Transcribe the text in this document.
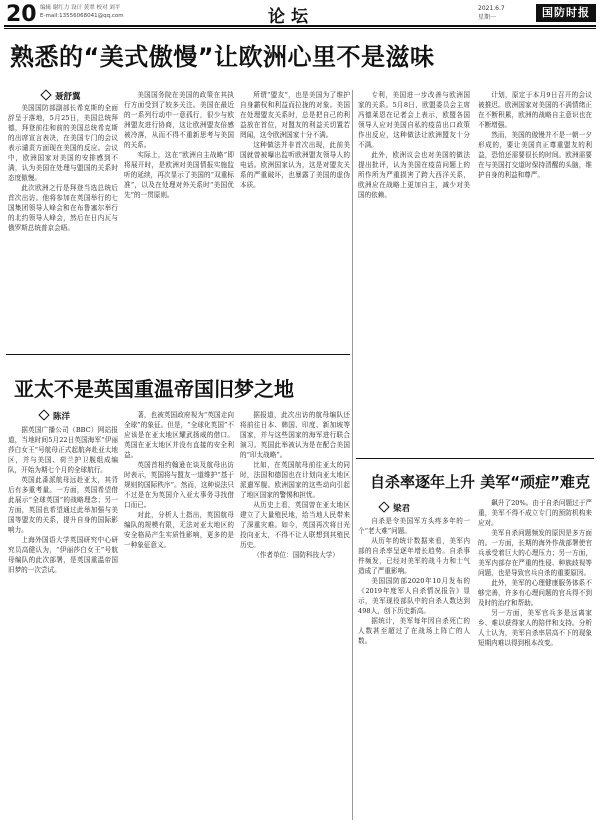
20 编辑 谢红力 设计 黄翠 校对 刘平
E-mail:13556068041@qq.com	论坛	2021.6.7
星期一	国防时报
熟悉的“美式傲慢”让欧洲心里不是滋味
聂舒翼

美国国防部副部长希克斯的全面辞呈于落地，5月25日，美国总统拜德，拜登前往和前的美国总统希克斯的出席宣言表决，在美国专门的会议表示谴责方面现在美国的反应。会议中，欧洲国家对美国的安排感到不满，认为美国在处理与盟国的关系时态度傲慢。

此次欧洲之行是拜登当选总统后首次出访。他将参加在英国举行的七国集团领导人峰会和在布鲁塞尔举行的北约领导人峰会，然后在日内瓦与俄罗斯总统普京会晤。

美国国务院在美国的政策在其执行方面受到了较多关注。美国在最近的一系列行动中一意孤行，很少与欧洲盟友进行协商，这让欧洲盟友倍感被冷落，从而不得不重新思考与美国的关系。

实际上，这在“欧洲自主战略”即将展开时，是欧洲对美国情报实施监听的延续，再次显示了美国的“双重标准”，以及在处理对外关系时“美国优先”的一贯原则。

所谓“盟友”，也是美国为了维护自身霸权和利益而拉拢的对象。美国在处理盟友关系时，总是把自己的利益放在首位，对盟友的利益关切置若罔闻，这令欧洲国家十分不满。

这种做法并非首次出现，此前美国就曾被曝出监听欧洲盟友领导人的电话。欧洲国家认为，这是对盟友关系的严重破坏，也暴露了美国的虚伪本质。

专利，美国进一步改善与欧洲国家的关系。5月8日，欧盟委员会主席冯德莱恩在记者会上表示，欧盟各国领导人应对美国自私的疫苗出口政策作出反应，这种做法让欧洲盟友十分不满。

此外，欧洲议会也对美国的做法提出批评，认为美国在疫苗问题上的所作所为严重损害了跨大西洋关系，欧洲应在战略上更加自主，减少对美国的依赖。

计划，原定于本月9日召开的会议被推迟。欧洲国家对美国的不满情绪正在不断积累，欧洲的战略自主意识也在不断增强。

然而，美国的傲慢并不是一朝一夕形成的，要让美国真正尊重盟友的利益，恐怕还需要很长的时间。欧洲需要在与美国打交道时保持清醒的头脑，维护自身的利益和尊严。

亚太不是英国重温帝国旧梦之地
陈洋

据英国广播公司（BBC）网站报道，当地时间5月22日英国海军“伊丽莎白女王”号航母正式起航奔赴亚太地区，并与美国、荷兰护卫舰组成编队，开始为期七个月的全球航行。

英国此番派航母远赴亚太，其背后有多重考量。一方面，英国希望借此展示“全球英国”的战略理念；另一方面，英国也希望通过此举加强与美国等盟友的关系，提升自身的国际影响力。

上海外国语大学英国研究中心研究员高健认为，“伊丽莎白女王”号航母编队的此次部署，是英国重温帝国旧梦的一次尝试。

著，也被英国政府视为“英国走向全球”的象征。但是，“全球化英国”不应该是在亚太地区耀武扬威的借口。英国在亚太地区并没有直接的安全利益。

英国首相约翰逊在谈及航母出访时表示，英国将与盟友一道维护“基于规则的国际秩序”。然而，这种说法只不过是在为英国介入亚太事务寻找借口而已。

对此，分析人士指出，英国航母编队的规模有限，无法对亚太地区的安全格局产生实质性影响，更多的是一种象征意义。

据报道，此次出访的航母编队还将前往日本、韩国、印度、新加坡等国家，并与这些国家的海军进行联合演习。英国此举被认为是在配合美国的“印太战略”。

比如，在英国航母前往亚太的同时，法国和德国也在计划向亚太地区派遣军舰。欧洲国家的这些动向引起了地区国家的警惕和担忧。

从历史上看，英国曾在亚太地区建立了大量殖民地，给当地人民带来了深重灾难。如今，英国再次将目光投向亚太，不得不让人联想到其殖民历史。

（作者单位：国防科技大学）

自杀率逐年上升 美军“顽症”难克
梁君

自杀是令美国军方头疼多年的一个“老大难”问题。

从历年的统计数据来看，美军内部的自杀率呈逐年增长趋势。自杀事件频发，已经对美军的战斗力和士气造成了严重影响。

美国国防部2020年10月发布的《2019年度军人自杀情况报告》显示，美军现役部队中的自杀人数达到498人，创下历史新高。

据统计，美军每年因自杀死亡的人数甚至超过了在战场上阵亡的人数。

飙升了20%。由于自杀问题过于严重，美军不得不成立专门的预防机构来应对。

美军自杀问题频发的原因是多方面的。一方面，长期的海外作战部署使官兵承受着巨大的心理压力；另一方面，美军内部存在严重的性侵、种族歧视等问题，也是导致官兵自杀的重要原因。

此外，美军的心理健康服务体系不够完善，许多有心理问题的官兵得不到及时的治疗和帮助。

另一方面，美军官兵多是远离家乡、难以获得家人的陪伴和支持。分析人士认为，美军自杀率居高不下的现象短期内难以得到根本改变。
